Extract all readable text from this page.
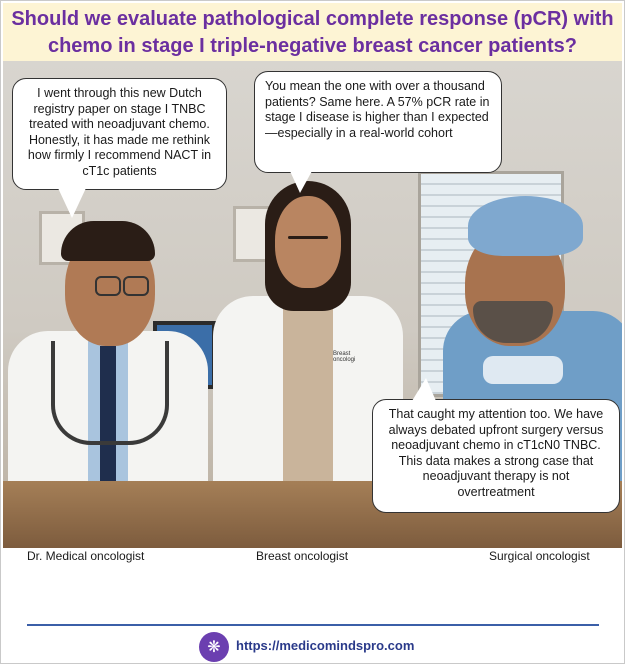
Should we evaluate pathological complete response (pCR) with chemo in stage I triple-negative breast cancer patients?
Breast oncologi

I went through this new Dutch registry paper on stage I TNBC treated with neoadjuvant chemo. Honestly, it has made me rethink how firmly I recommend NACT in cT1c patients

You mean the one with over a thousand patients? Same here. A 57% pCR rate in stage I disease is higher than I expected—especially in a real-world cohort

That caught my attention too. We have always debated upfront surgery versus neoadjuvant chemo in cT1cN0 TNBC. This data makes a strong case that neoadjuvant therapy is not overtreatment

Dr. Medical oncologist	Breast oncologist	Surgical oncologist
❋	https://medicomindspro.com
